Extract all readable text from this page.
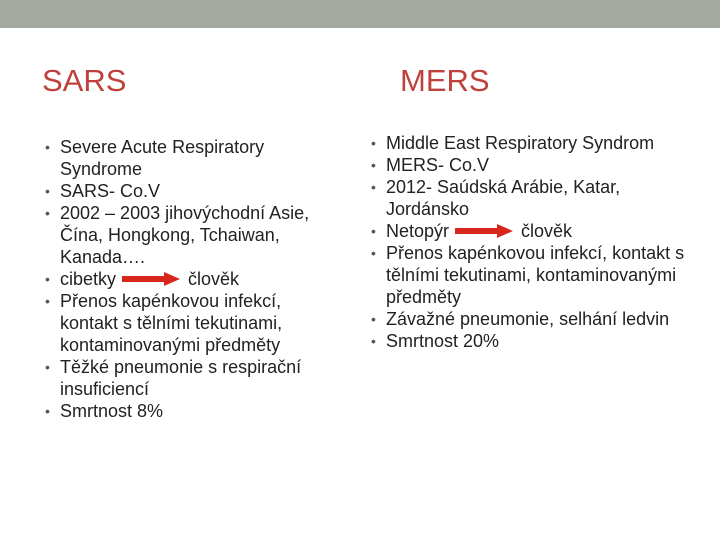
SARS	MERS
• Severe Acute Respiratory Syndrome
• SARS- Co.V
• 2002 – 2003 jihovýchodní Asie, Čína, Hongkong, Tchaiwan, Kanada….
• cibetky	člověk
• Přenos kapénkovou infekcí, kontakt s tělními tekutinami, kontaminovanými předměty
• Těžké pneumonie s respirační insuficiencí
• Smrtnost 8%
• Middle East Respiratory Syndrom
• MERS- Co.V
• 2012- Saúdská Arábie, Katar, Jordánsko
• Netopýr	člověk
• Přenos kapénkovou infekcí, kontakt s tělními tekutinami, kontaminovanými předměty
• Závažné pneumonie, selhání ledvin
• Smrtnost 20%
